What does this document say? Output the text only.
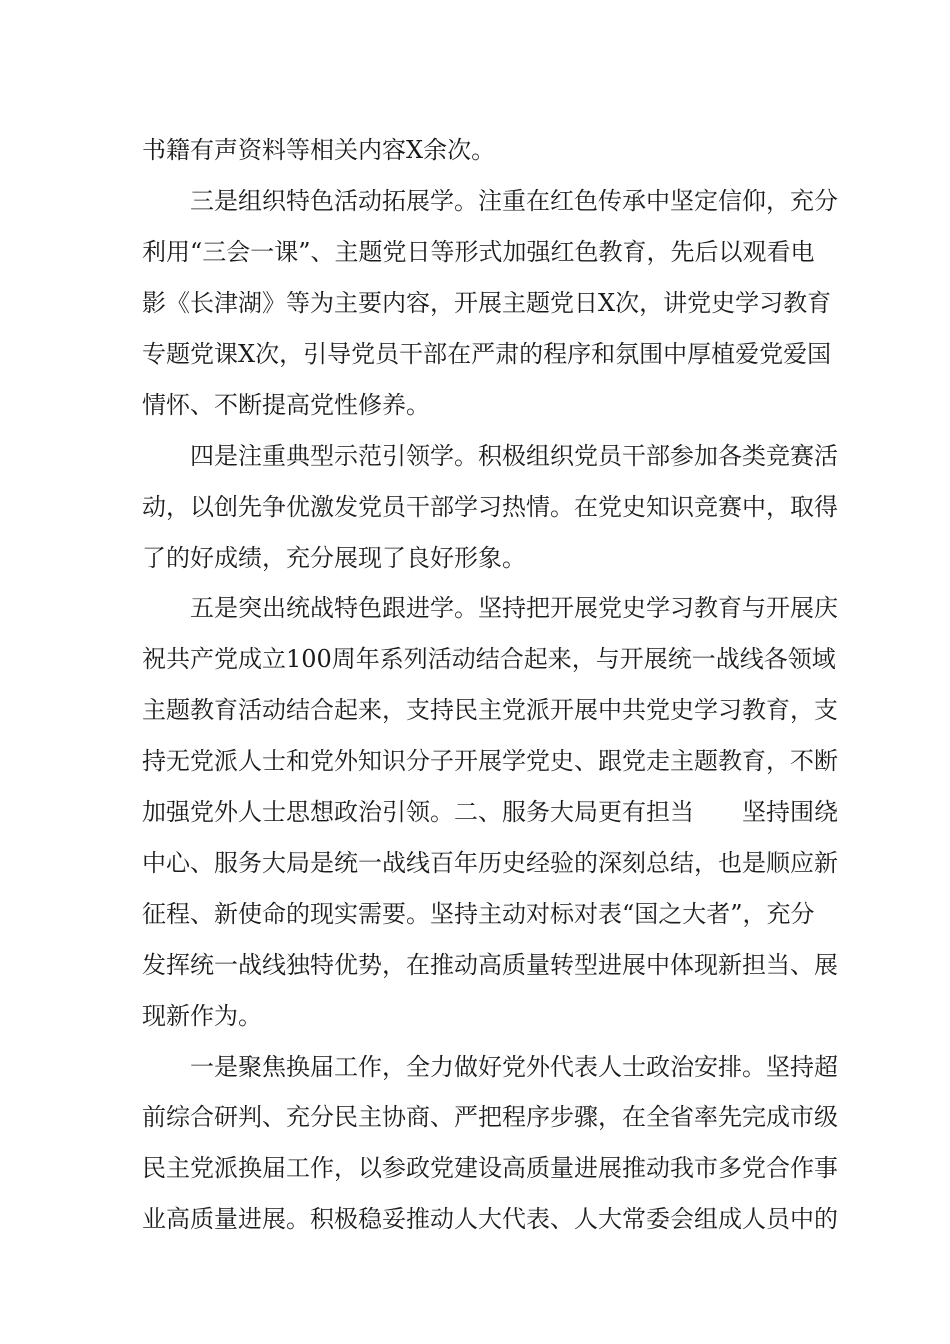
书籍有声资料等相关内容X余次。
三是组织特色活动拓展学。注重在红色传承中坚定信仰，充分
利用“三会一课”、主题党日等形式加强红色教育，先后以观看电
影《长津湖》等为主要内容，开展主题党日X次，讲党史学习教育
专题党课X次，引导党员干部在严肃的程序和氛围中厚植爱党爱国
情怀、不断提高党性修养。
四是注重典型示范引领学。积极组织党员干部参加各类竞赛活
动，以创先争优激发党员干部学习热情。在党史知识竞赛中，取得
了的好成绩，充分展现了良好形象。
五是突出统战特色跟进学。坚持把开展党史学习教育与开展庆
祝共产党成立100周年系列活动结合起来，与开展统一战线各领域
主题教育活动结合起来，支持民主党派开展中共党史学习教育，支
持无党派人士和党外知识分子开展学党史、跟党走主题教育，不断
加强党外人士思想政治引领。二、服务大局更有担当　　坚持围绕
中心、服务大局是统一战线百年历史经验的深刻总结，也是顺应新
征程、新使命的现实需要。坚持主动对标对表“国之大者”，充分
发挥统一战线独特优势，在推动高质量转型进展中体现新担当、展
现新作为。
一是聚焦换届工作，全力做好党外代表人士政治安排。坚持超
前综合研判、充分民主协商、严把程序步骤，在全省率先完成市级
民主党派换届工作，以参政党建设高质量进展推动我市多党合作事
业高质量进展。积极稳妥推动人大代表、人大常委会组成人员中的
